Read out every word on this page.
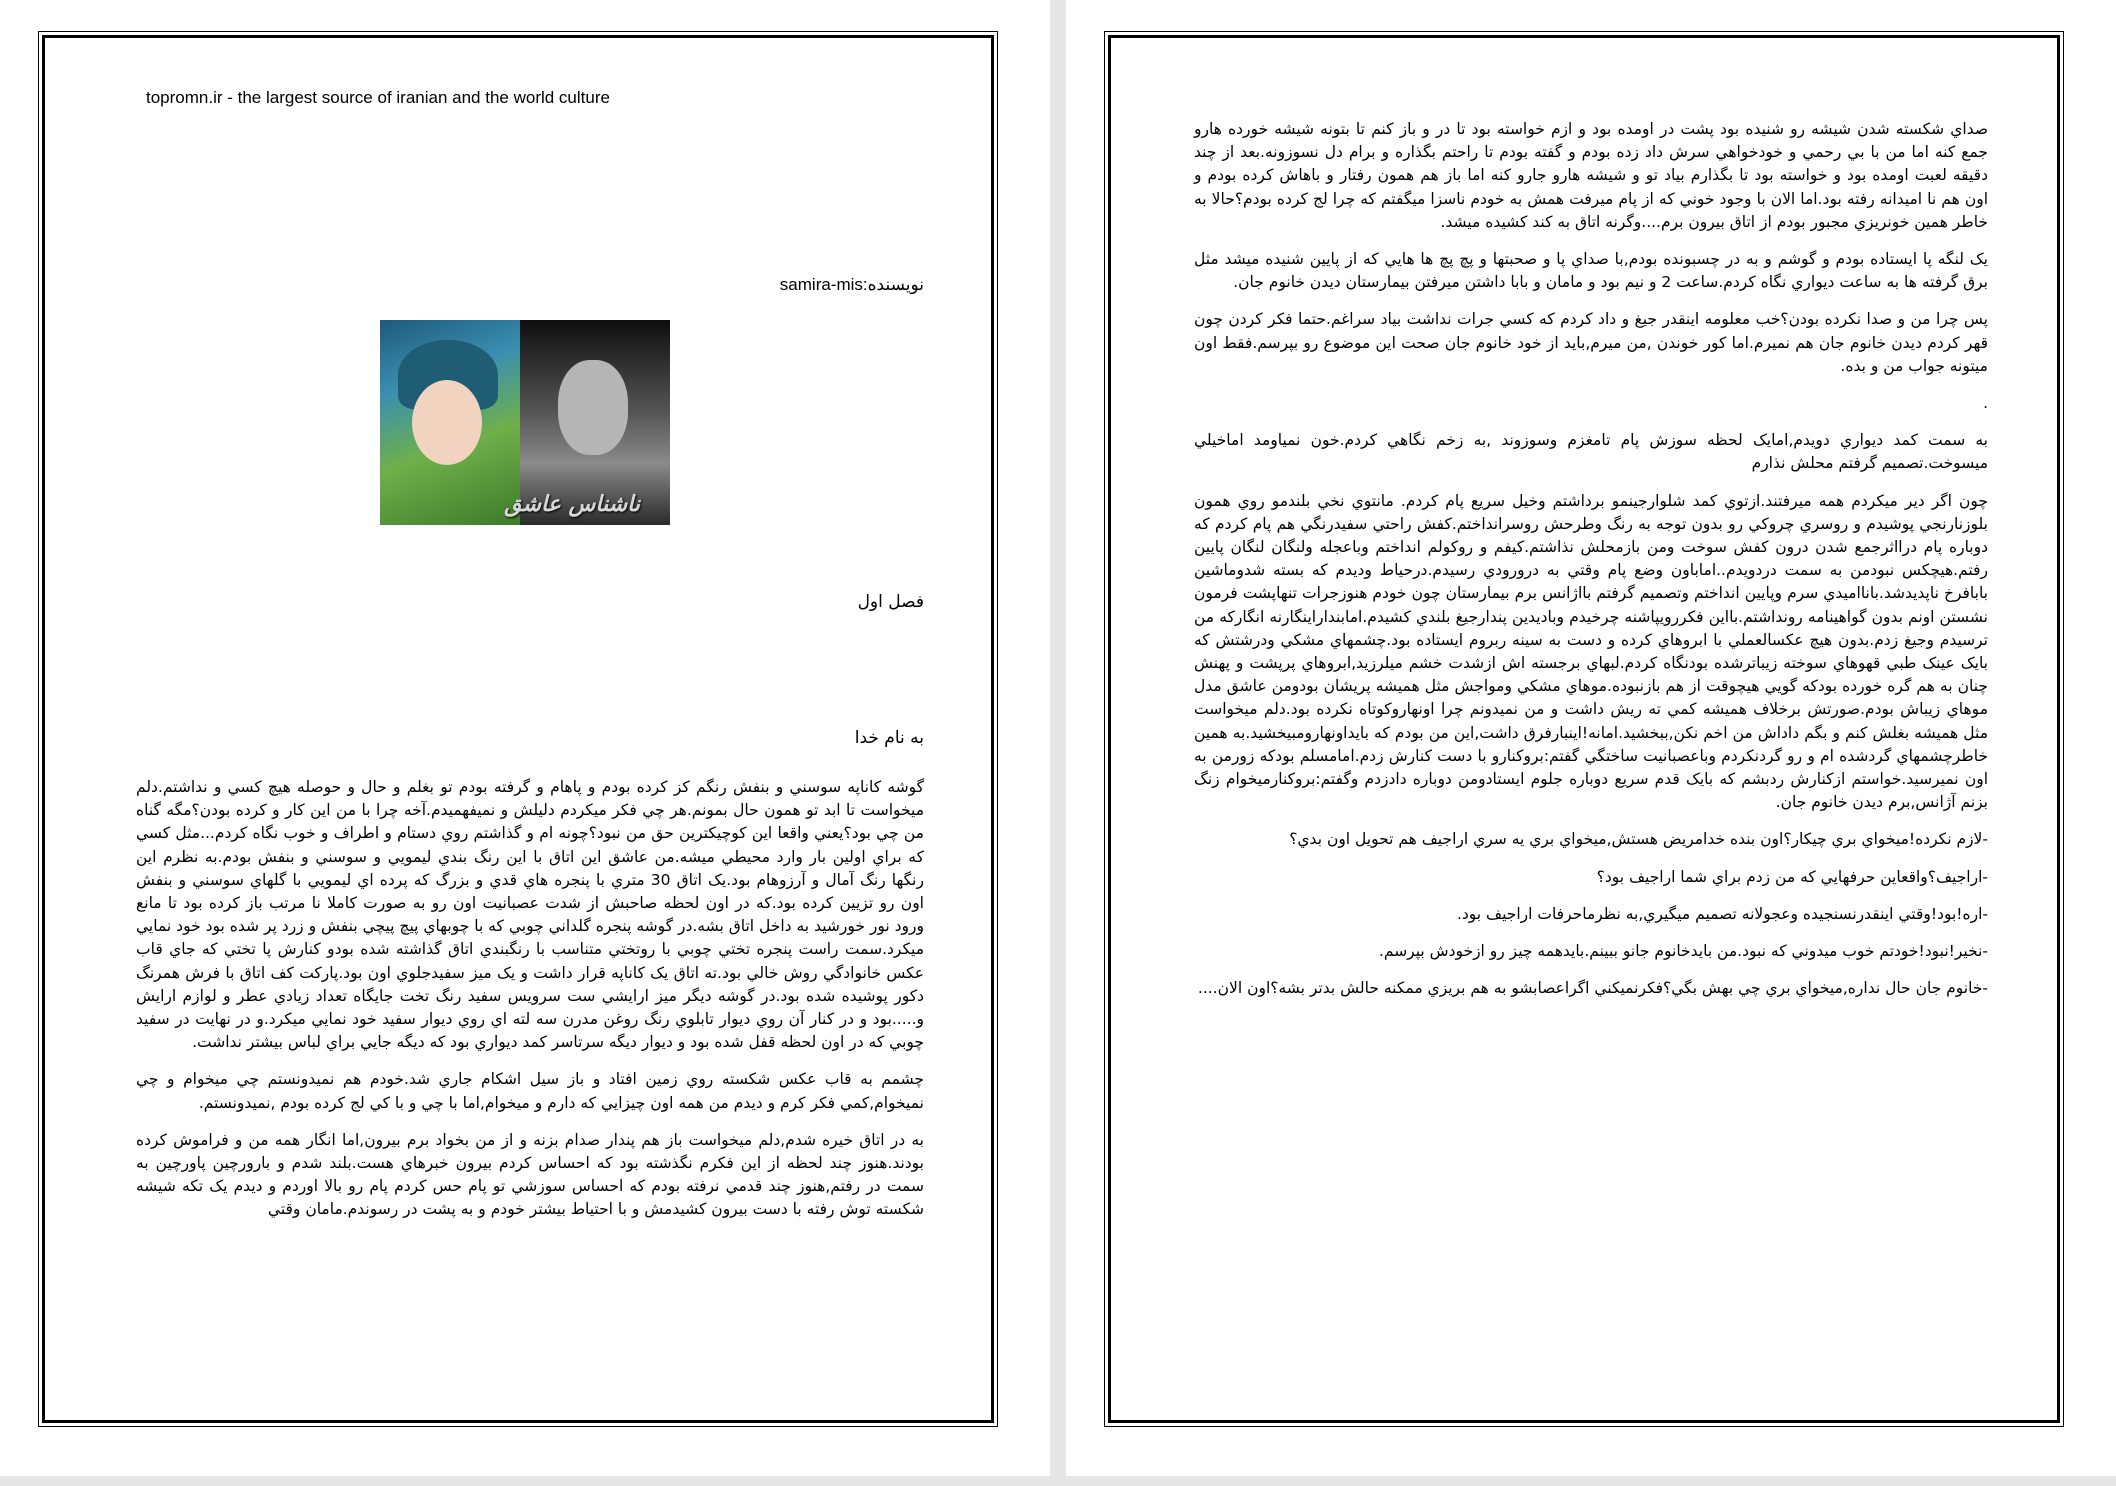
topromn.ir - the largest source of iranian and the world culture
نویسنده:samira-mis
ناشناس عاشق
فصل اول
به نام خدا

گوشه کاناپه سوسني و بنفش رنگم کز کرده بودم و پاهام و گرفته بودم تو بغلم و حال و حوصله هيچ کسي و نداشتم.دلم ميخواست تا ابد تو همون حال بمونم.هر چي فکر ميکردم دليلش و نميفهميدم.آخه چرا با من اين کار و کرده بودن؟مگه گناه من چي بود؟يعني واقعا اين کوچيکترين حق من نبود؟چونه ام و گذاشتم روي دستام و اطراف و خوب نگاه کردم...مثل کسي که براي اولين بار وارد محيطي ميشه.من عاشق اين اتاق با اين رنگ بندي ليمويي و سوسني و بنفش بودم.به نظرم اين رنگها رنگ آمال و آرزوهام بود.يک اتاق 30 متري با پنجره هاي قدي و بزرگ که پرده اي ليمويي با گلهاي سوسني و بنفش اون رو تزيين کرده بود.که در اون لحظه صاحبش از شدت عصبانيت اون رو به صورت کاملا نا مرتب باز کرده بود تا مانع ورود نور خورشيد به داخل اتاق بشه.در گوشه پنجره گلداني چوبي که با چوبهاي پيچ پيچي بنفش و زرد پر شده بود خود نمايي ميکرد.سمت راست پنجره تختي چوبي با روتختي متناسب با رنگبندي اتاق گذاشته شده بودو کنارش پا تختي که جاي قاب عکس خانوادگي روش خالي بود.ته اتاق يک کاناپه قرار داشت و يک ميز سفيدجلوي اون بود.پارکت کف اتاق با فرش همرنگ دکور پوشيده شده بود.در گوشه ديگر ميز ارايشي ست سرويس سفيد رنگ تخت جايگاه تعداد زيادي عطر و لوازم ارايش و.....بود و در کنار آن روي ديوار تابلوي رنگ روغن مدرن سه لته اي روي ديوار سفيد خود نمايي ميکرد.و در نهايت در سفيد چوبي که در اون لحظه قفل شده بود و ديوار ديگه سرتاسر کمد ديواري بود که ديگه جايي براي لباس بيشتر نداشت.

چشمم به قاب عکس شکسته روي زمين افتاد و باز سيل اشکام جاري شد.خودم هم نميدونستم چي ميخوام و چي نميخوام,کمي فکر کرم و ديدم من همه اون چيزايي که دارم و ميخوام,اما با چي و با کي لج کرده بودم ,نميدونستم.

به در اتاق خيره شدم,دلم ميخواست باز هم پندار صدام بزنه و از من بخواد برم بيرون,اما انگار همه من و فراموش کرده بودند.هنوز چند لحظه از اين فکرم نگذشته بود که احساس کردم بيرون خبرهاي هست.بلند شدم و بارورچين پاورچين به سمت در رفتم,هنوز چند قدمي نرفته بودم که احساس سوزشي تو پام حس کردم پام رو بالا اوردم و ديدم يک تکه شيشه شکسته توش رفته با دست بيرون کشيدمش و با احتياط بيشتر خودم و به پشت در رسوندم.مامان وقتي

صداي شکسته شدن شيشه رو شنيده بود پشت در اومده بود و ازم خواسته بود تا در و باز کنم تا بتونه شيشه خورده هارو جمع کنه اما من با بي رحمي و خودخواهي سرش داد زده بودم و گفته بودم تا راحتم بگذاره و برام دل نسوزونه.بعد از چند دقيقه لعبت اومده بود و خواسته بود تا بگذارم بياد تو و شيشه هارو جارو کنه اما باز هم همون رفتار و باهاش کرده بودم و اون هم نا اميدانه رفته بود.اما الان با وجود خوني که از پام ميرفت همش به خودم ناسزا ميگفتم که چرا لج کرده بودم؟حالا به خاطر همين خونريزي مجبور بودم از اتاق بيرون برم....وگرنه اتاق به کند کشيده ميشد.

يک لنگه پا ايستاده بودم و گوشم و به در چسبونده بودم,با صداي پا و صحبتها و پچ پچ ها هايي که از پايين شنيده ميشد مثل برق گرفته ها به ساعت ديواري نگاه کردم.ساعت 2 و نيم بود و مامان و بابا داشتن ميرفتن بيمارستان ديدن خانوم جان.

پس چرا من و صدا نکرده بودن؟خب معلومه اينقدر جيغ و داد کردم که کسي جرات نداشت بياد سراغم.حتما فکر کردن چون قهر کردم ديدن خانوم جان هم نميرم.اما کور خوندن ,من ميرم,بايد از خود خانوم جان صحت اين موضوع رو بپرسم.فقط اون ميتونه جواب من و بده.

.

به سمت کمد ديواري دويدم,امايک لحظه سوزش پام تامغزم وسوزوند ,به زخم نگاهي کردم.خون نمياومد اماخيلي ميسوخت.تصميم گرفتم محلش نذارم

چون اگر دير ميکردم همه ميرفتند.ازتوي کمد شلوارجينمو برداشتم وخيل سريع پام کردم. مانتوي نخي بلندمو روي همون بلوزنارنجي پوشيدم و روسري چروکي رو بدون توجه به رنگ وطرحش روسرانداختم.کفش راحتي سفيدرنگي هم پام کردم که دوباره پام درااثرجمع شدن درون کفش سوخت ومن بازمحلش نذاشتم.کيفم و روکولم انداختم وباعجله ولنگان لنگان پايين رفتم.هيچکس نبودمن به سمت دردويدم..اماباون وضع پام وقتي به درورودي رسيدم.درحياط وديدم که بسته شدوماشين بابافرخ ناپديدشد.بانااميدي سرم وپايين انداختم وتصميم گرفتم بااژانس برم بيمارستان چون خودم هنوزجرات تنهاپشت فرمون نشستن اونم بدون گواهينامه رونداشتم.بااين فکررويپاشنه چرخيدم وباديدين پندارجيغ بلندي کشيدم.امابنداراينگارنه انگارکه من ترسيدم وجيغ زدم.بدون هيچ عکسالعملي با ابروهاي کرده و دست به سينه ربروم ايستاده بود.چشمهاي مشکي ودرشتش که بايک عينک طبي قهوهاي سوخته زيباترشده بودنگاه کردم.لبهاي برجسته اش ازشدت خشم ميلرزيد,ابروهاي پرپشت و پهنش چنان به هم گره خورده بودکه گويي هيچوقت از هم بازنبوده.موهاي مشکي ومواجش مثل هميشه پريشان بودومن عاشق مدل موهاي زيباش بودم.صورتش برخلاف هميشه کمي ته ريش داشت و من نميدونم چرا اونهاروکوتاه نکرده بود.دلم ميخواست مثل هميشه بغلش کنم و بگم داداش من اخم نکن,ببخشيد.امانه!اينبارفرق داشت,اين من بودم که بايداونهارومبيخشيد.به همين خاطرچشمهاي گردشده ام و رو گردنکردم وباعصبانيت ساختگي گفتم:بروکنارو با دست کنارش زدم.امامسلم بودکه زورمن به اون نميرسيد.خواستم ازکنارش ردبشم که بايک قدم سريع دوباره جلوم ايستادومن دوباره دادزدم وگفتم:بروکنارميخوام زنگ بزنم آژانس,برم ديدن خانوم جان.

-لازم نکرده!ميخواي بري چيکار؟اون بنده خدامريض هستش,ميخواي بري يه سري اراجيف هم تحويل اون بدي؟

-اراجيف؟واقعاين حرفهايي که من زدم براي شما اراجيف بود؟

-اره!بود!وقتي اينقدرنسنجيده وعجولانه تصميم ميگيري,به نظرماحرفات اراجيف بود.

-نخير!نبود!خودتم خوب ميدوني که نبود.من بايدخانوم جانو ببينم.بايدهمه چيز رو ازخودش بپرسم.

-خانوم جان حال نداره,ميخواي بري چي بهش بگي؟فکرنميکني اگراعصابشو به هم بريزي ممکنه حالش بدتر بشه؟اون الان....
